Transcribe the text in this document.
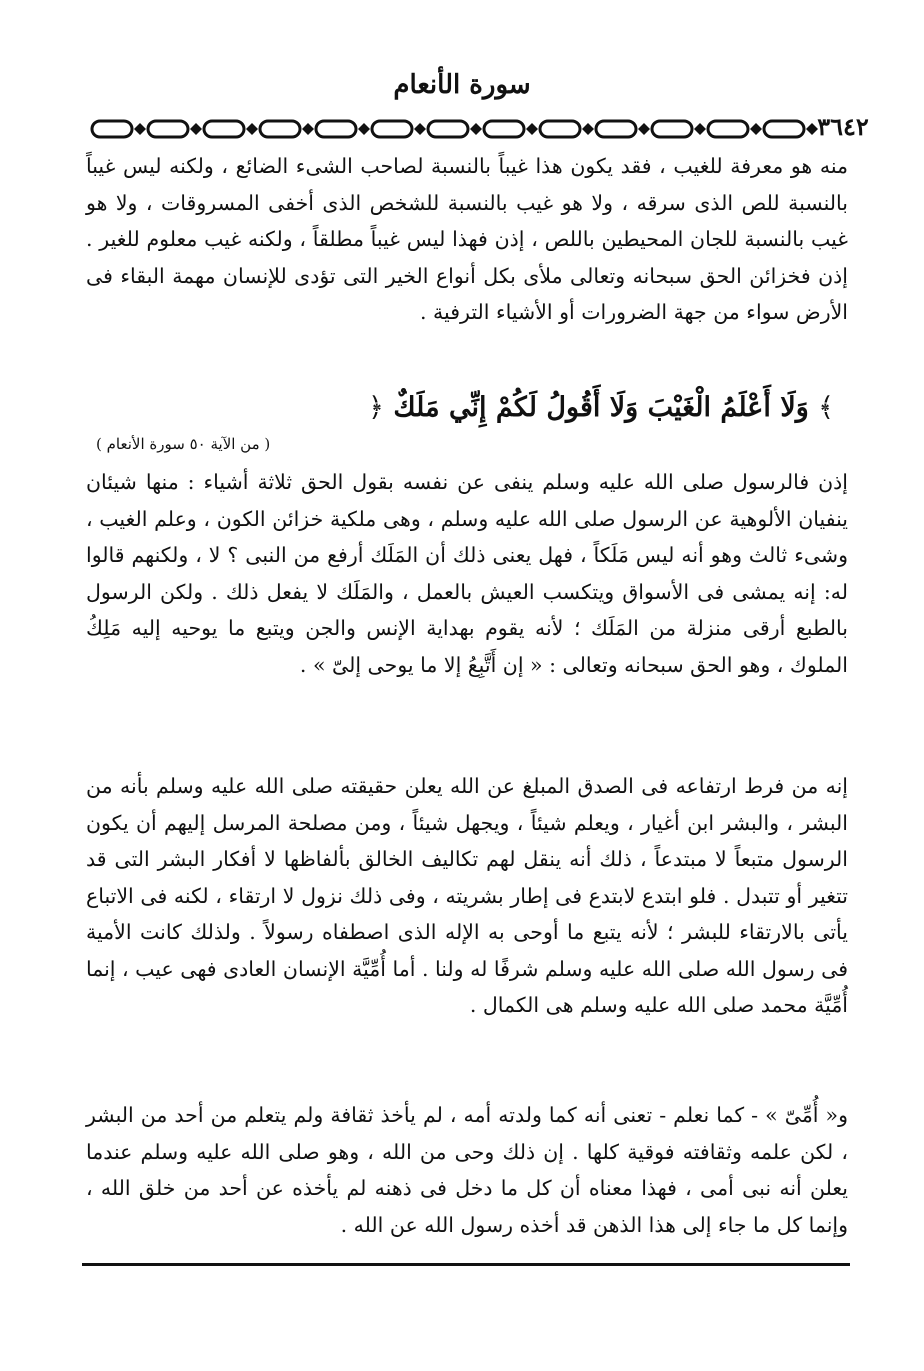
سورة الأنعام
٣٦٤٢

منه هو معرفة للغيب ، فقد يكون هذا غيباً بالنسبة لصاحب الشىء الضائع ، ولكنه ليس غيباً بالنسبة للص الذى سرقه ، ولا هو غيب بالنسبة للشخص الذى أخفى المسروقات ، ولا هو غيب بالنسبة للجان المحيطين باللص ، إذن فهذا ليس غيباً مطلقاً ، ولكنه غيب معلوم للغير . إذن فخزائن الحق سبحانه وتعالى ملأى بكل أنواع الخير التى تؤدى للإنسان مهمة البقاء فى الأرض سواء من جهة الضرورات أو الأشياء الترفية .

﴾ وَلَا أَعْلَمُ الْغَيْبَ وَلَا أَقُولُ لَكُمْ إِنِّي مَلَكٌ ﴿
( من الآية ٥٠ سورة الأنعام )

إذن فالرسول صلى الله عليه وسلم ينفى عن نفسه بقول الحق ثلاثة أشياء : منها شيئان ينفيان الألوهية عن الرسول صلى الله عليه وسلم ، وهى ملكية خزائن الكون ، وعلم الغيب ، وشىء ثالث وهو أنه ليس مَلَكاً ، فهل يعنى ذلك أن المَلَك أرفع من النبى ؟ لا ، ولكنهم قالوا له: إنه يمشى فى الأسواق ويتكسب العيش بالعمل ، والمَلَك لا يفعل ذلك . ولكن الرسول بالطبع أرقى منزلة من المَلَك ؛ لأنه يقوم بهداية الإنس والجن ويتبع ما يوحيه إليه مَلِكُ الملوك ، وهو الحق سبحانه وتعالى : « إن أَتَّبِعُ إلا ما يوحى إلىّ » .

إنه من فرط ارتفاعه فى الصدق المبلغ عن الله يعلن حقيقته صلى الله عليه وسلم بأنه من البشر ، والبشر ابن أغيار ، ويعلم شيئاً ، ويجهل شيئاً ، ومن مصلحة المرسل إليهم أن يكون الرسول متبعاً لا مبتدعاً ، ذلك أنه ينقل لهم تكاليف الخالق بألفاظها لا أفكار البشر التى قد تتغير أو تتبدل . فلو ابتدع لابتدع فى إطار بشريته ، وفى ذلك نزول لا ارتقاء ، لكنه فى الاتباع يأتى بالارتقاء للبشر ؛ لأنه يتبع ما أوحى به الإله الذى اصطفاه رسولاً . ولذلك كانت الأمية فى رسول الله صلى الله عليه وسلم شرفًا له ولنا . أما أُمِّيَّة الإنسان العادى فهى عيب ، إنما أُمِّيَّة محمد صلى الله عليه وسلم هى الكمال .

و« أُمِّىّ » - كما نعلم - تعنى أنه كما ولدته أمه ، لم يأخذ ثقافة ولم يتعلم من أحد من البشر ، لكن علمه وثقافته فوقية كلها . إن ذلك وحى من الله ، وهو صلى الله عليه وسلم عندما يعلن أنه نبى أمى ، فهذا معناه أن كل ما دخل فى ذهنه لم يأخذه عن أحد من خلق الله ، وإنما كل ما جاء إلى هذا الذهن قد أخذه رسول الله عن الله .
